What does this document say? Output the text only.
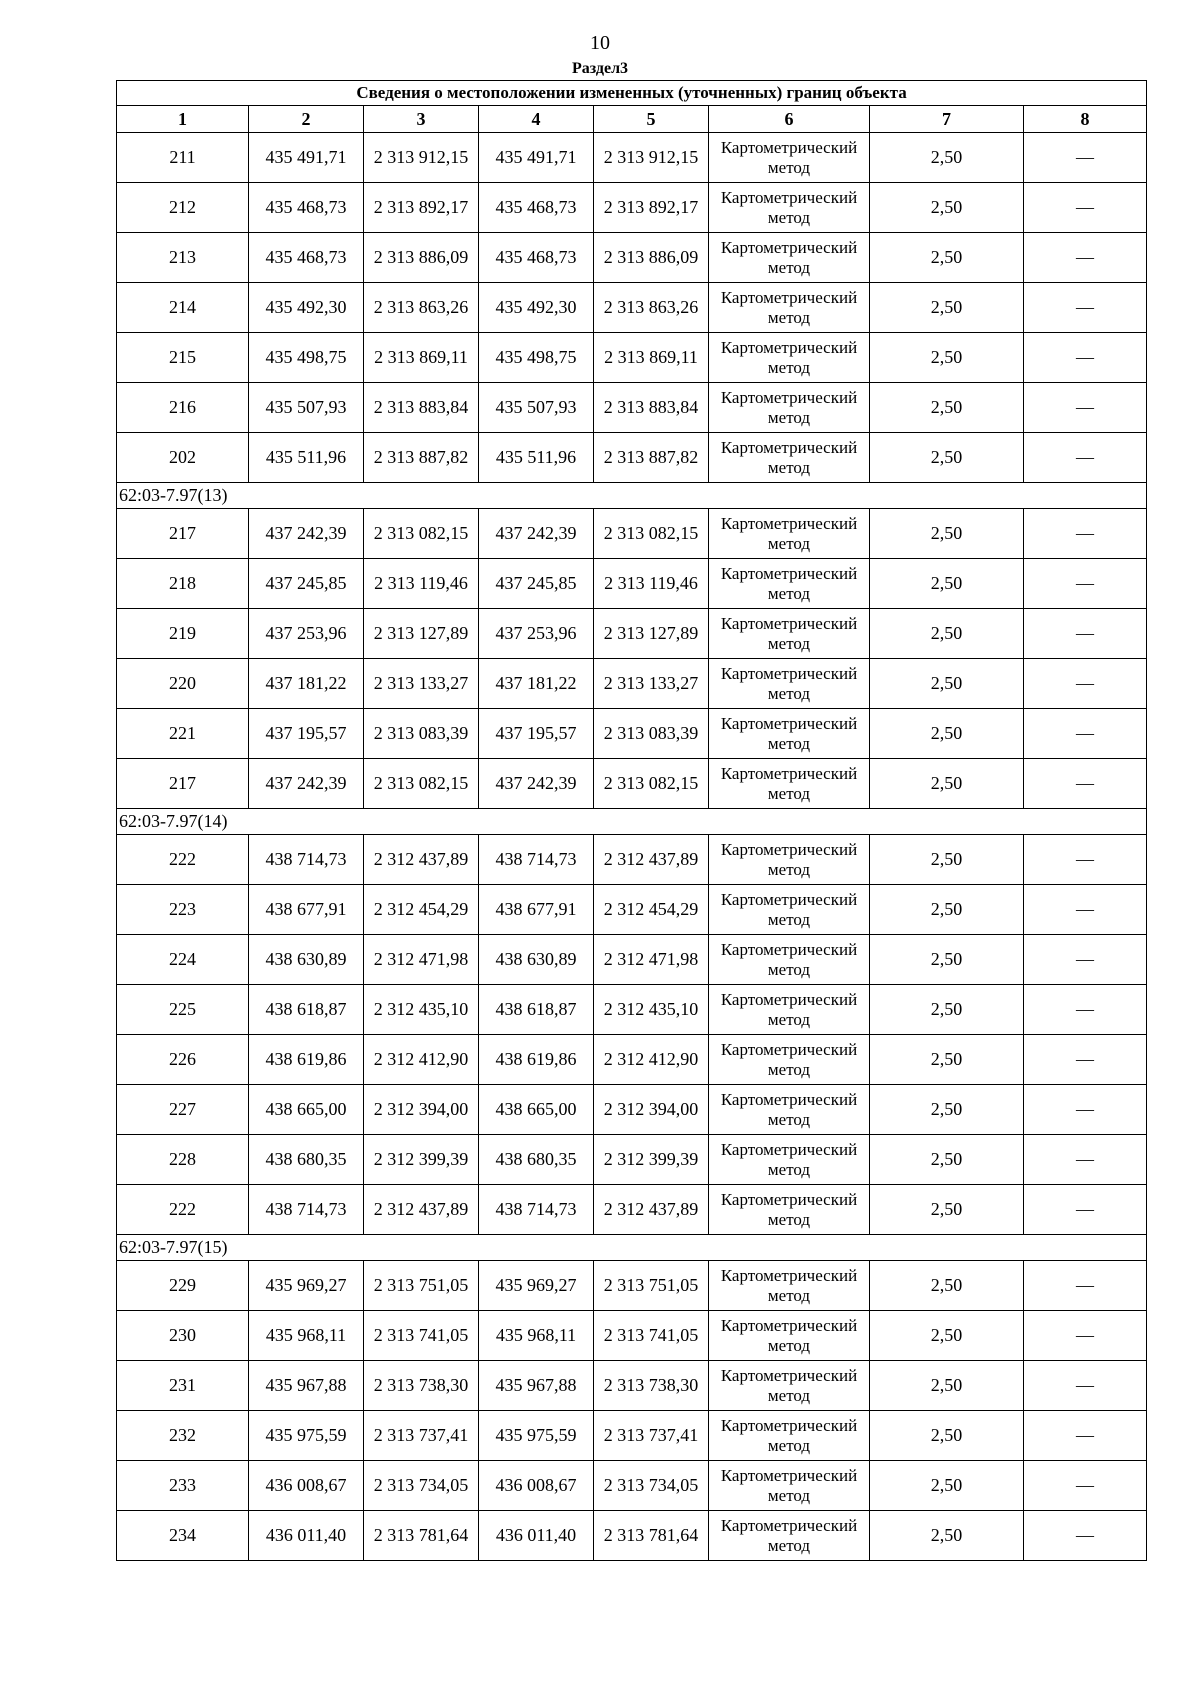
10
Раздел3
Сведения о местоположении измененных (уточненных) границ объекта							
1	2	3	4	5	6	7	8
211	435 491,71	2 313 912,15	435 491,71	2 313 912,15	Картометрический метод	2,50	—
212	435 468,73	2 313 892,17	435 468,73	2 313 892,17	Картометрический метод	2,50	—
213	435 468,73	2 313 886,09	435 468,73	2 313 886,09	Картометрический метод	2,50	—
214	435 492,30	2 313 863,26	435 492,30	2 313 863,26	Картометрический метод	2,50	—
215	435 498,75	2 313 869,11	435 498,75	2 313 869,11	Картометрический метод	2,50	—
216	435 507,93	2 313 883,84	435 507,93	2 313 883,84	Картометрический метод	2,50	—
202	435 511,96	2 313 887,82	435 511,96	2 313 887,82	Картометрический метод	2,50	—
62:03-7.97(13)							
217	437 242,39	2 313 082,15	437 242,39	2 313 082,15	Картометрический метод	2,50	—
218	437 245,85	2 313 119,46	437 245,85	2 313 119,46	Картометрический метод	2,50	—
219	437 253,96	2 313 127,89	437 253,96	2 313 127,89	Картометрический метод	2,50	—
220	437 181,22	2 313 133,27	437 181,22	2 313 133,27	Картометрический метод	2,50	—
221	437 195,57	2 313 083,39	437 195,57	2 313 083,39	Картометрический метод	2,50	—
217	437 242,39	2 313 082,15	437 242,39	2 313 082,15	Картометрический метод	2,50	—
62:03-7.97(14)							
222	438 714,73	2 312 437,89	438 714,73	2 312 437,89	Картометрический метод	2,50	—
223	438 677,91	2 312 454,29	438 677,91	2 312 454,29	Картометрический метод	2,50	—
224	438 630,89	2 312 471,98	438 630,89	2 312 471,98	Картометрический метод	2,50	—
225	438 618,87	2 312 435,10	438 618,87	2 312 435,10	Картометрический метод	2,50	—
226	438 619,86	2 312 412,90	438 619,86	2 312 412,90	Картометрический метод	2,50	—
227	438 665,00	2 312 394,00	438 665,00	2 312 394,00	Картометрический метод	2,50	—
228	438 680,35	2 312 399,39	438 680,35	2 312 399,39	Картометрический метод	2,50	—
222	438 714,73	2 312 437,89	438 714,73	2 312 437,89	Картометрический метод	2,50	—
62:03-7.97(15)							
229	435 969,27	2 313 751,05	435 969,27	2 313 751,05	Картометрический метод	2,50	—
230	435 968,11	2 313 741,05	435 968,11	2 313 741,05	Картометрический метод	2,50	—
231	435 967,88	2 313 738,30	435 967,88	2 313 738,30	Картометрический метод	2,50	—
232	435 975,59	2 313 737,41	435 975,59	2 313 737,41	Картометрический метод	2,50	—
233	436 008,67	2 313 734,05	436 008,67	2 313 734,05	Картометрический метод	2,50	—
234	436 011,40	2 313 781,64	436 011,40	2 313 781,64	Картометрический метод	2,50	—
